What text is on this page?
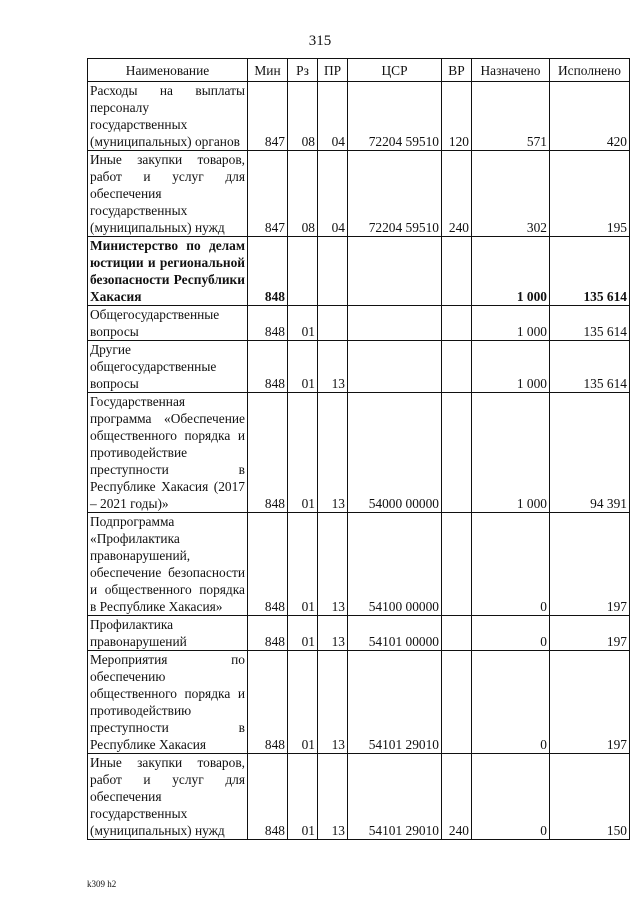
315
Наименование	Мин	Рз	ПР	ЦСР	ВР	Назначено	Исполнено
Расходы на выплаты персоналу государственных (муниципальных) органов	847	08	04	72204 59510	120	571	420
Иные закупки товаров, работ и услуг для обеспечения государственных (муниципальных) нужд	847	08	04	72204 59510	240	302	195
Министерство по делам юстиции и региональной безопасности Республики Хакасия	848					1 000	135 614
Общегосударственные вопросы	848	01				1 000	135 614
Другие общегосударственные вопросы	848	01	13			1 000	135 614
Государственная программа «Обеспечение общественного порядка и противодействие преступности в Республике Хакасия (2017 – 2021 годы)»	848	01	13	54000 00000		1 000	94 391
Подпрограмма «Профилактика правонарушений, обеспечение безопасности и общественного порядка в Республике Хакасия»	848	01	13	54100 00000		0	197
Профилактика правонарушений	848	01	13	54101 00000		0	197
Мероприятия по обеспечению общественного порядка и противодействию преступности в Республике Хакасия	848	01	13	54101 29010		0	197
Иные закупки товаров, работ и услуг для обеспечения государственных (муниципальных) нужд	848	01	13	54101 29010	240	0	150
k309 h2
